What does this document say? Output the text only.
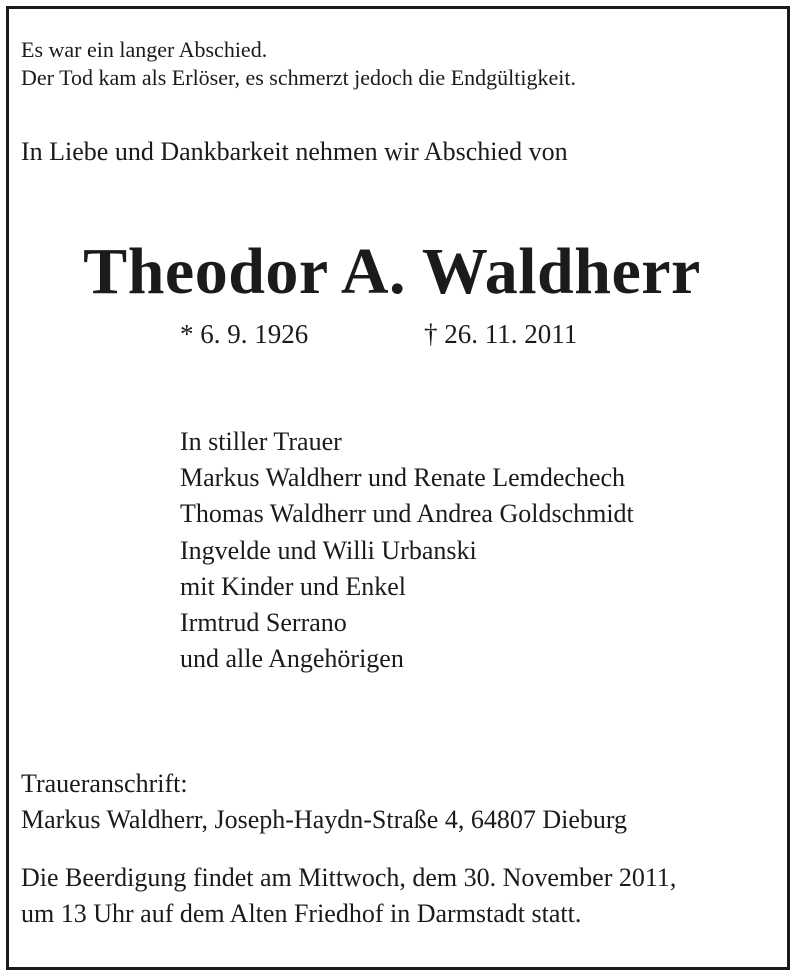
Es war ein langer Abschied.
Der Tod kam als Erlöser, es schmerzt jedoch die Endgültigkeit.
In Liebe und Dankbarkeit nehmen wir Abschied von
Theodor A. Waldherr
* 6. 9. 1926	† 26. 11. 2011
In stiller Trauer
Markus Waldherr und Renate Lemdechech
Thomas Waldherr und Andrea Goldschmidt
Ingvelde und Willi Urbanski
mit Kinder und Enkel
Irmtrud Serrano
und alle Angehörigen
Traueranschrift:
Markus Waldherr, Joseph-Haydn-Straße 4, 64807 Dieburg
Die Beerdigung findet am Mittwoch, dem 30. November 2011,
um 13 Uhr auf dem Alten Friedhof in Darmstadt statt.
